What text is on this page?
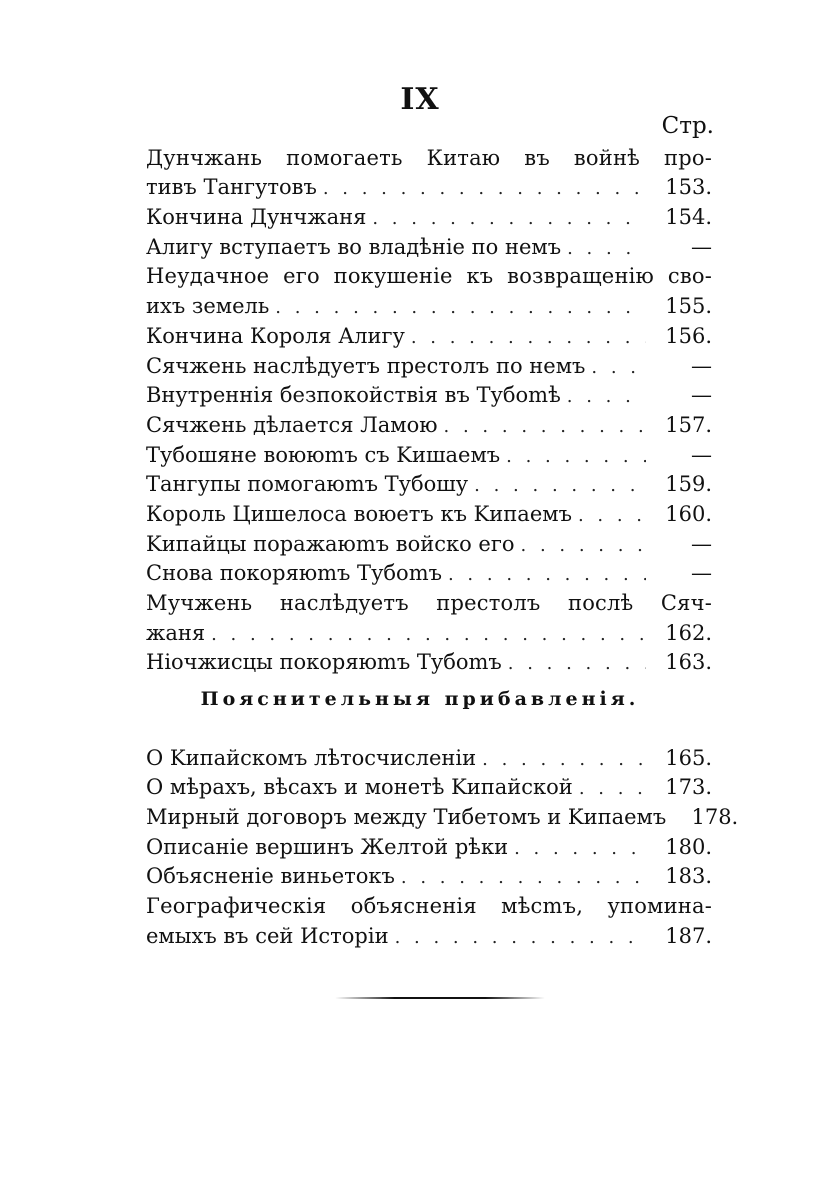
IX
Стр.
Дунчжань помогаеть Китаю въ войнѣ про-
тивъ Тангутовъ . . .	153.
Кончина Дунчжаня . . .	154.
Алигу вступаетъ во владѣніе по немъ . . .	—
Неудачное его покушеніе къ возвращенію сво-
ихъ земель . . .	155.
Кончина Короля Алигу . . .	156.
Сячжень наслѣдуетъ престолъ по немъ . . .	—
Внутреннія безпокойствія въ Тубоmѣ . . .	—
Сячжень дѣлается Ламою . . .	157.
Тубошяне воююmъ съ Kишаемъ . . .	—
Тангупы помогаюmъ Тубошу . . .	159.
Король Цишелоса воюетъ къ Kипаемъ . . .	160.
Kипайцы поражаюmъ войско его . . .	—
Снова покоряюmъ Тубоmъ . . .	—
Мучжень наслѣдуетъ престолъ послѣ Сяч-
жаня . . .	162.
Ніочжисцы покоряюmъ Тубоmъ . . .	163.
Пояснительныя прибавленія.
О Kипайскомъ лѣтосчисленіи . . .	165.
О мѣрахъ, вѣсахъ и монетѣ Kипайской . . .	173.
Мирный договоръ между Тибетомъ и Kипаемъ	178.
Описаніе вершинъ Желтой рѣки . . .	180.
Объясненіе виньетокъ . . .	183.
Географическія объясненія мѣсmъ, упомина-
емыхъ въ сей Исторіи . . .	187.
